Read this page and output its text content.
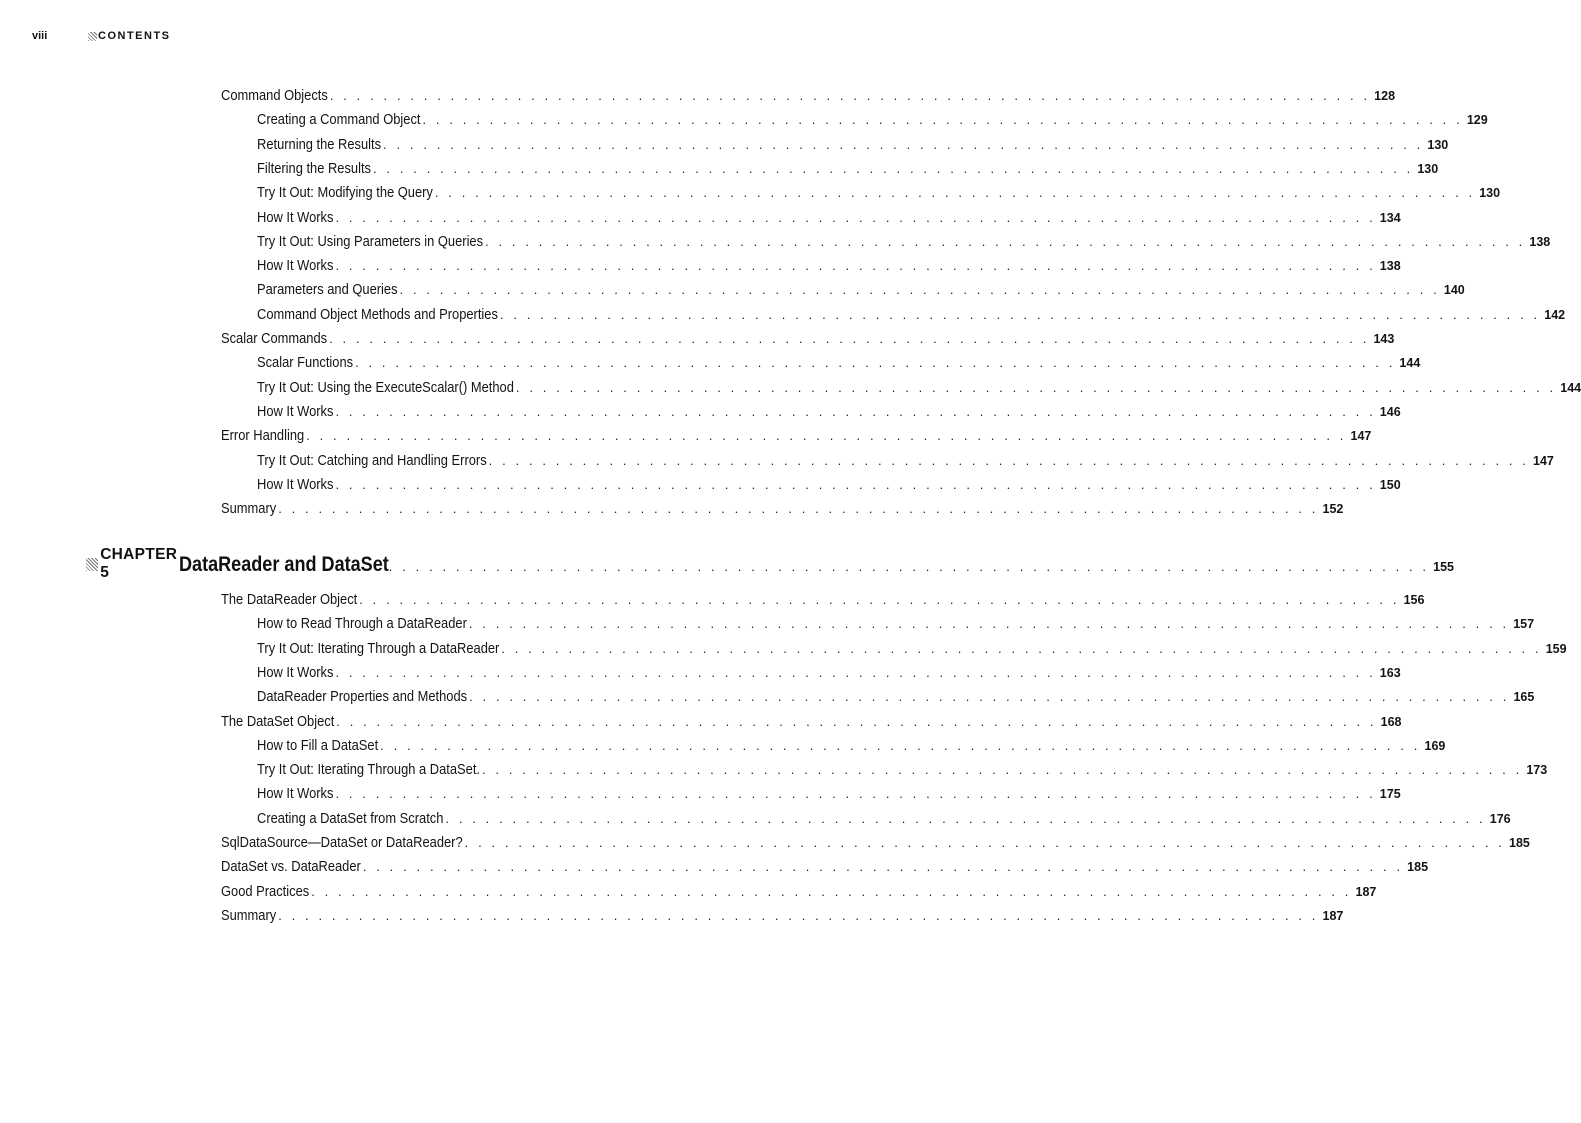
viii	CONTENTS
Command Objects . . . . . . . . . . . . . . . . . . . . . . . . . . . . . . . . . . . . . . . . . . . . . . . . . . . . . . . . . . . . . . . . . . . . . . . . . . . . . . 128
Creating a Command Object . . . . . . . . . . . . . . . . . . . . . . . . . . . . . . . . . . . . . . . . . . . . . . . . . . . . . . . . . . . . . . . . . . . . . . . . . . . . . . 129
Returning the Results . . . . . . . . . . . . . . . . . . . . . . . . . . . . . . . . . . . . . . . . . . . . . . . . . . . . . . . . . . . . . . . . . . . . . . . . . . . . . . 130
Filtering the Results . . . . . . . . . . . . . . . . . . . . . . . . . . . . . . . . . . . . . . . . . . . . . . . . . . . . . . . . . . . . . . . . . . . . . . . . . . . . . . 130
Try It Out: Modifying the Query . . . . . . . . . . . . . . . . . . . . . . . . . . . . . . . . . . . . . . . . . . . . . . . . . . . . . . . . . . . . . . . . . . . . . . . . . . . . . . 130
How It Works . . . . . . . . . . . . . . . . . . . . . . . . . . . . . . . . . . . . . . . . . . . . . . . . . . . . . . . . . . . . . . . . . . . . . . . . . . . . . . 134
Try It Out: Using Parameters in Queries . . . . . . . . . . . . . . . . . . . . . . . . . . . . . . . . . . . . . . . . . . . . . . . . . . . . . . . . . . . . . . . . . . . . . . . . . . . . . . 138
How It Works . . . . . . . . . . . . . . . . . . . . . . . . . . . . . . . . . . . . . . . . . . . . . . . . . . . . . . . . . . . . . . . . . . . . . . . . . . . . . . 138
Parameters and Queries . . . . . . . . . . . . . . . . . . . . . . . . . . . . . . . . . . . . . . . . . . . . . . . . . . . . . . . . . . . . . . . . . . . . . . . . . . . . . . 140
Command Object Methods and Properties . . . . . . . . . . . . . . . . . . . . . . . . . . . . . . . . . . . . . . . . . . . . . . . . . . . . . . . . . . . . . . . . . . . . . . . . . . . . . . 142
Scalar Commands . . . . . . . . . . . . . . . . . . . . . . . . . . . . . . . . . . . . . . . . . . . . . . . . . . . . . . . . . . . . . . . . . . . . . . . . . . . . . . 143
Scalar Functions . . . . . . . . . . . . . . . . . . . . . . . . . . . . . . . . . . . . . . . . . . . . . . . . . . . . . . . . . . . . . . . . . . . . . . . . . . . . . . 144
Try It Out: Using the ExecuteScalar() Method . . . . . . . . . . . . . . . . . . . . . . . . . . . . . . . . . . . . . . . . . . . . . . . . . . . . . . . . . . . . . . . . . . . . . . . . . . . . . . 144
How It Works . . . . . . . . . . . . . . . . . . . . . . . . . . . . . . . . . . . . . . . . . . . . . . . . . . . . . . . . . . . . . . . . . . . . . . . . . . . . . . 146
Error Handling . . . . . . . . . . . . . . . . . . . . . . . . . . . . . . . . . . . . . . . . . . . . . . . . . . . . . . . . . . . . . . . . . . . . . . . . . . . . . . 147
Try It Out: Catching and Handling Errors . . . . . . . . . . . . . . . . . . . . . . . . . . . . . . . . . . . . . . . . . . . . . . . . . . . . . . . . . . . . . . . . . . . . . . . . . . . . . . 147
How It Works . . . . . . . . . . . . . . . . . . . . . . . . . . . . . . . . . . . . . . . . . . . . . . . . . . . . . . . . . . . . . . . . . . . . . . . . . . . . . . 150
Summary . . . . . . . . . . . . . . . . . . . . . . . . . . . . . . . . . . . . . . . . . . . . . . . . . . . . . . . . . . . . . . . . . . . . . . . . . . . . . . 152
The DataReader Object . . . . . . . . . . . . . . . . . . . . . . . . . . . . . . . . . . . . . . . . . . . . . . . . . . . . . . . . . . . . . . . . . . . . . . . . . . . . . . 156
How to Read Through a DataReader . . . . . . . . . . . . . . . . . . . . . . . . . . . . . . . . . . . . . . . . . . . . . . . . . . . . . . . . . . . . . . . . . . . . . . . . . . . . . . 157
Try It Out: Iterating Through a DataReader . . . . . . . . . . . . . . . . . . . . . . . . . . . . . . . . . . . . . . . . . . . . . . . . . . . . . . . . . . . . . . . . . . . . . . . . . . . . . . 159
How It Works . . . . . . . . . . . . . . . . . . . . . . . . . . . . . . . . . . . . . . . . . . . . . . . . . . . . . . . . . . . . . . . . . . . . . . . . . . . . . . 163
DataReader Properties and Methods . . . . . . . . . . . . . . . . . . . . . . . . . . . . . . . . . . . . . . . . . . . . . . . . . . . . . . . . . . . . . . . . . . . . . . . . . . . . . . 165
The DataSet Object . . . . . . . . . . . . . . . . . . . . . . . . . . . . . . . . . . . . . . . . . . . . . . . . . . . . . . . . . . . . . . . . . . . . . . . . . . . . . . 168
How to Fill a DataSet . . . . . . . . . . . . . . . . . . . . . . . . . . . . . . . . . . . . . . . . . . . . . . . . . . . . . . . . . . . . . . . . . . . . . . . . . . . . . . 169
Try It Out: Iterating Through a DataSet. . . . . . . . . . . . . . . . . . . . . . . . . . . . . . . . . . . . . . . . . . . . . . . . . . . . . . . . . . . . . . . . . . . . . . . . . . . . . . . 173
How It Works . . . . . . . . . . . . . . . . . . . . . . . . . . . . . . . . . . . . . . . . . . . . . . . . . . . . . . . . . . . . . . . . . . . . . . . . . . . . . . 175
Creating a DataSet from Scratch . . . . . . . . . . . . . . . . . . . . . . . . . . . . . . . . . . . . . . . . . . . . . . . . . . . . . . . . . . . . . . . . . . . . . . . . . . . . . . 176
SqlDataSource—DataSet or DataReader? . . . . . . . . . . . . . . . . . . . . . . . . . . . . . . . . . . . . . . . . . . . . . . . . . . . . . . . . . . . . . . . . . . . . . . . . . . . . . . 185
DataSet vs. DataReader . . . . . . . . . . . . . . . . . . . . . . . . . . . . . . . . . . . . . . . . . . . . . . . . . . . . . . . . . . . . . . . . . . . . . . . . . . . . . . 185
Good Practices . . . . . . . . . . . . . . . . . . . . . . . . . . . . . . . . . . . . . . . . . . . . . . . . . . . . . . . . . . . . . . . . . . . . . . . . . . . . . . 187
Summary . . . . . . . . . . . . . . . . . . . . . . . . . . . . . . . . . . . . . . . . . . . . . . . . . . . . . . . . . . . . . . . . . . . . . . . . . . . . . . 187
CHAPTER 5	DataReader and DataSet . . . . . . . . . . . . . . . . . . . . . . . . . . . . . . . . . . . . . . . . . . . . . . . . . . . . . . . . . . . . . . . . . . . . . . . . . . . . . . 155
